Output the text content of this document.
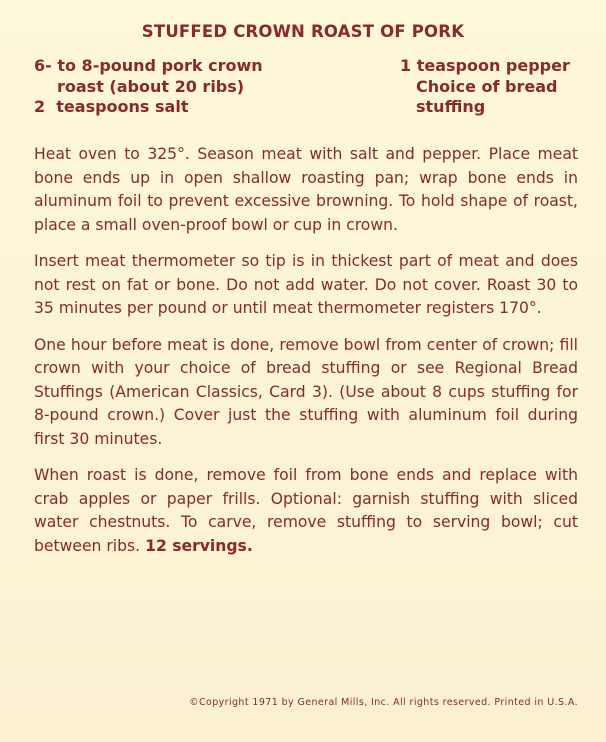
STUFFED CROWN ROAST OF PORK
6- to 8-pound pork crown
roast (about 20 ribs)
2 teaspoons salt
1 teaspoon pepper
Choice of bread
stuffing

Heat oven to 325°. Season meat with salt and pepper. Place meat bone ends up in open shallow roasting pan; wrap bone ends in aluminum foil to prevent excessive browning. To hold shape of roast, place a small oven-proof bowl or cup in crown.

Insert meat thermometer so tip is in thickest part of meat and does not rest on fat or bone. Do not add water. Do not cover. Roast 30 to 35 minutes per pound or until meat thermometer registers 170°.

One hour before meat is done, remove bowl from center of crown; fill crown with your choice of bread stuffing or see Regional Bread Stuffings (American Classics, Card 3). (Use about 8 cups stuffing for 8-pound crown.) Cover just the stuffing with aluminum foil during first 30 minutes.

When roast is done, remove foil from bone ends and replace with crab apples or paper frills. Optional: garnish stuffing with sliced water chestnuts. To carve, remove stuffing to serving bowl; cut between ribs. 12 servings.

©Copyright 1971 by General Mills, Inc. All rights reserved. Printed in U.S.A.
